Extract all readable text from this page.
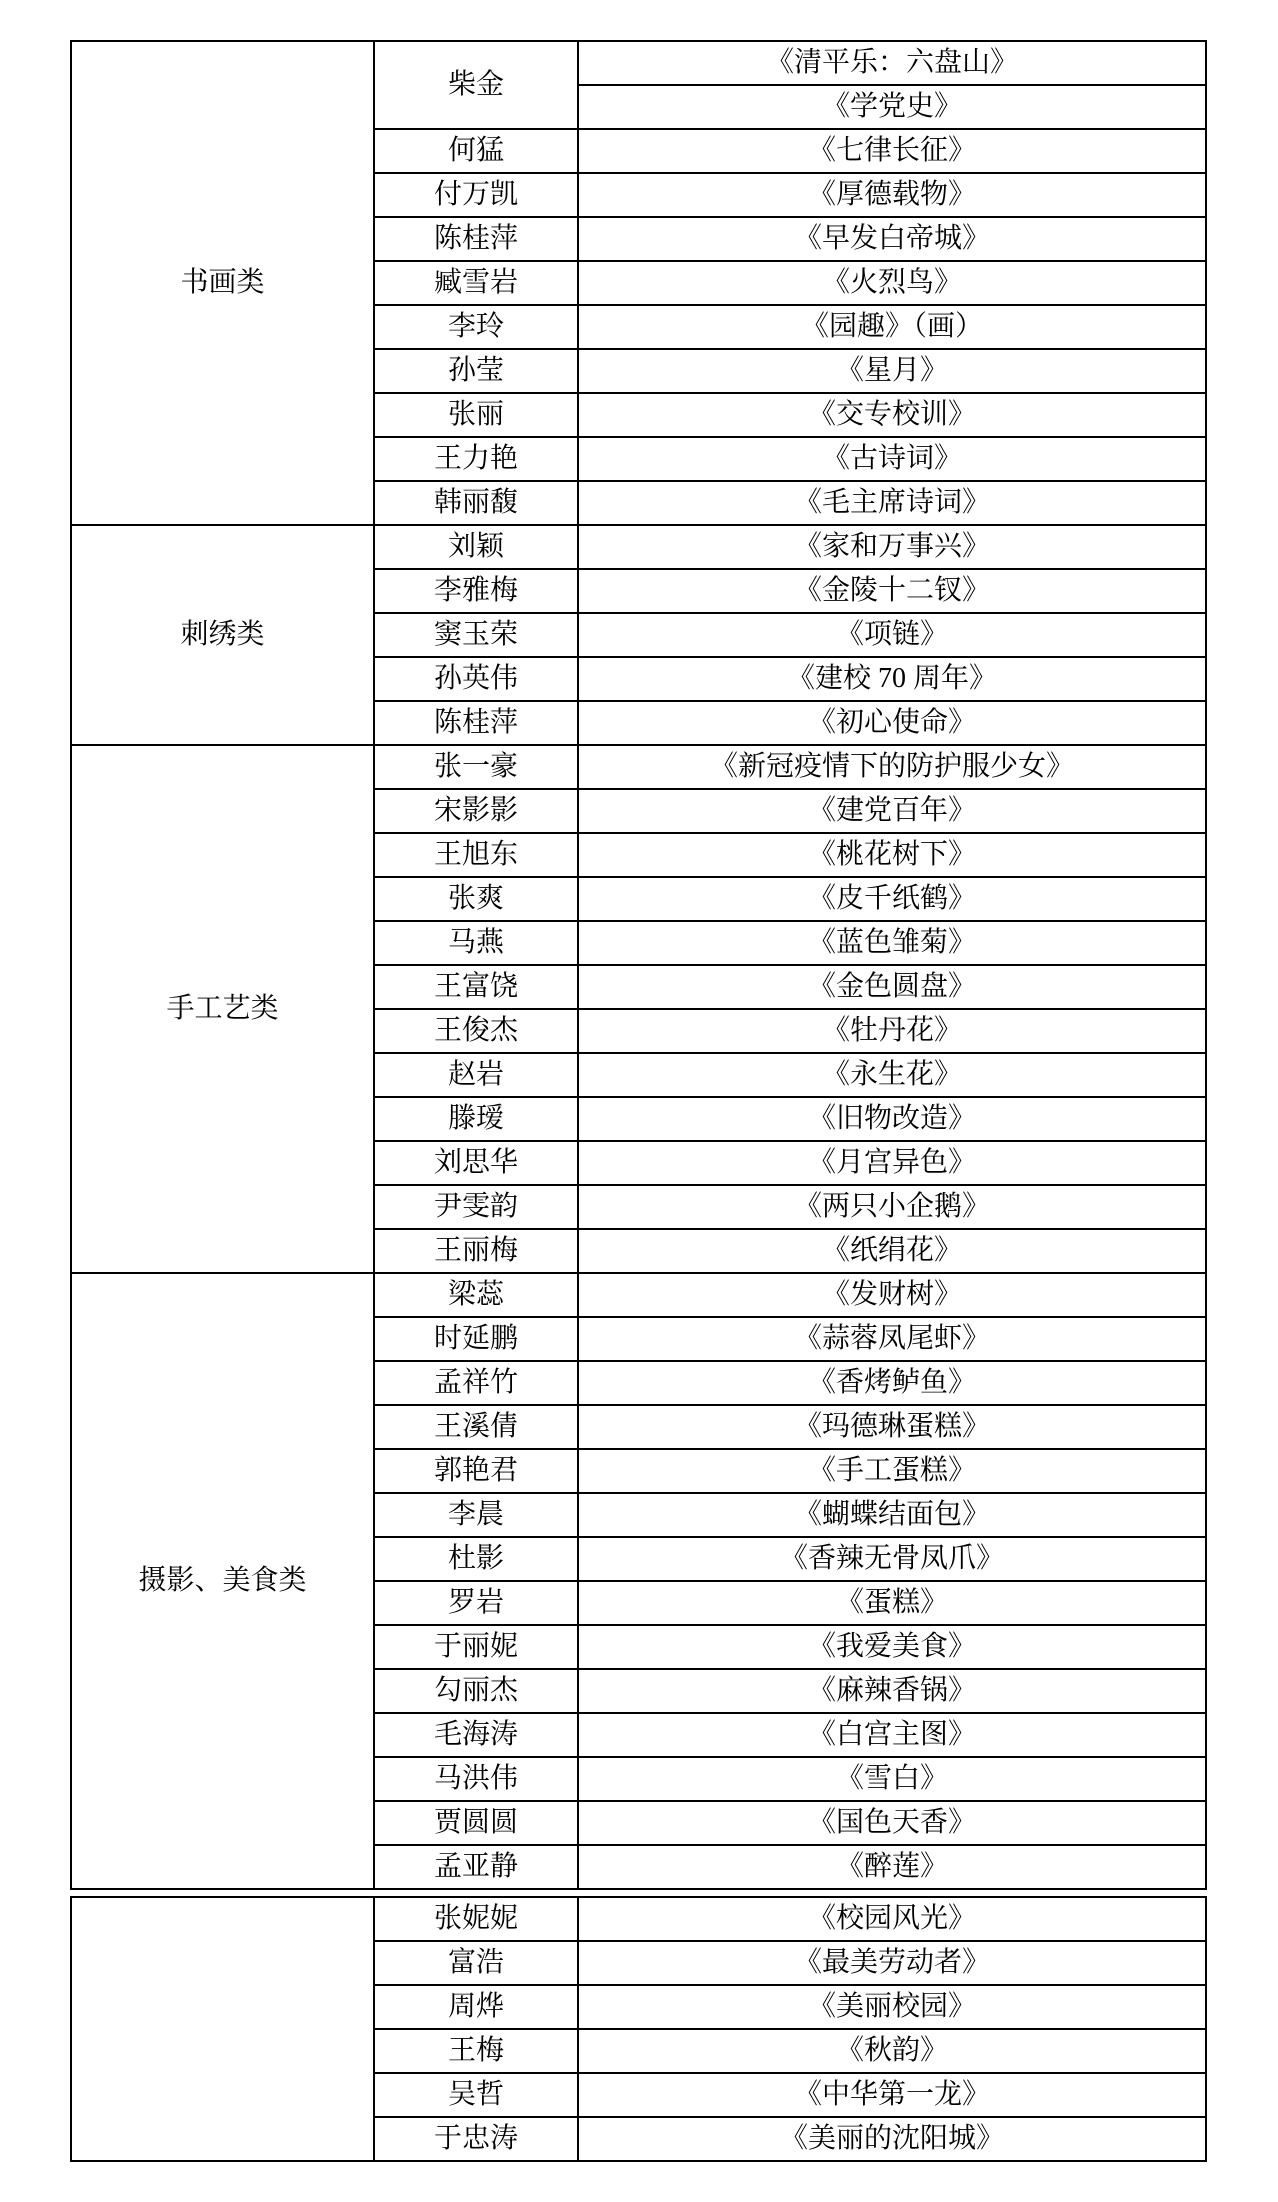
书画类	柴金	《清平乐：六盘山》
		《学党史》
	何猛	《七律长征》
	付万凯	《厚德载物》
	陈桂萍	《早发白帝城》
	臧雪岩	《火烈鸟》
	李玲	《园趣》（画）
	孙莹	《星月》
	张丽	《交专校训》
	王力艳	《古诗词》
	韩丽馥	《毛主席诗词》
刺绣类	刘颖	《家和万事兴》
	李雅梅	《金陵十二钗》
	窦玉荣	《项链》
	孙英伟	《建校 70 周年》
	陈桂萍	《初心使命》
手工艺类	张一豪	《新冠疫情下的防护服少女》
	宋影影	《建党百年》
	王旭东	《桃花树下》
	张爽	《皮千纸鹤》
	马燕	《蓝色雏菊》
	王富饶	《金色圆盘》
	王俊杰	《牡丹花》
	赵岩	《永生花》
	滕瑷	《旧物改造》
	刘思华	《月宫异色》
	尹雯韵	《两只小企鹅》
	王丽梅	《纸绢花》
摄影、美食类	梁蕊	《发财树》
	时延鹏	《蒜蓉凤尾虾》
	孟祥竹	《香烤鲈鱼》
	王溪倩	《玛德琳蛋糕》
	郭艳君	《手工蛋糕》
	李晨	《蝴蝶结面包》
	杜影	《香辣无骨凤爪》
	罗岩	《蛋糕》
	于丽妮	《我爱美食》
	勾丽杰	《麻辣香锅》
	毛海涛	《白宫主图》
	马洪伟	《雪白》
	贾圆圆	《国色天香》
	孟亚静	《醉莲》
	张妮妮	《校园风光》
	富浩	《最美劳动者》
	周烨	《美丽校园》
	王梅	《秋韵》
	吴哲	《中华第一龙》
	于忠涛	《美丽的沈阳城》
